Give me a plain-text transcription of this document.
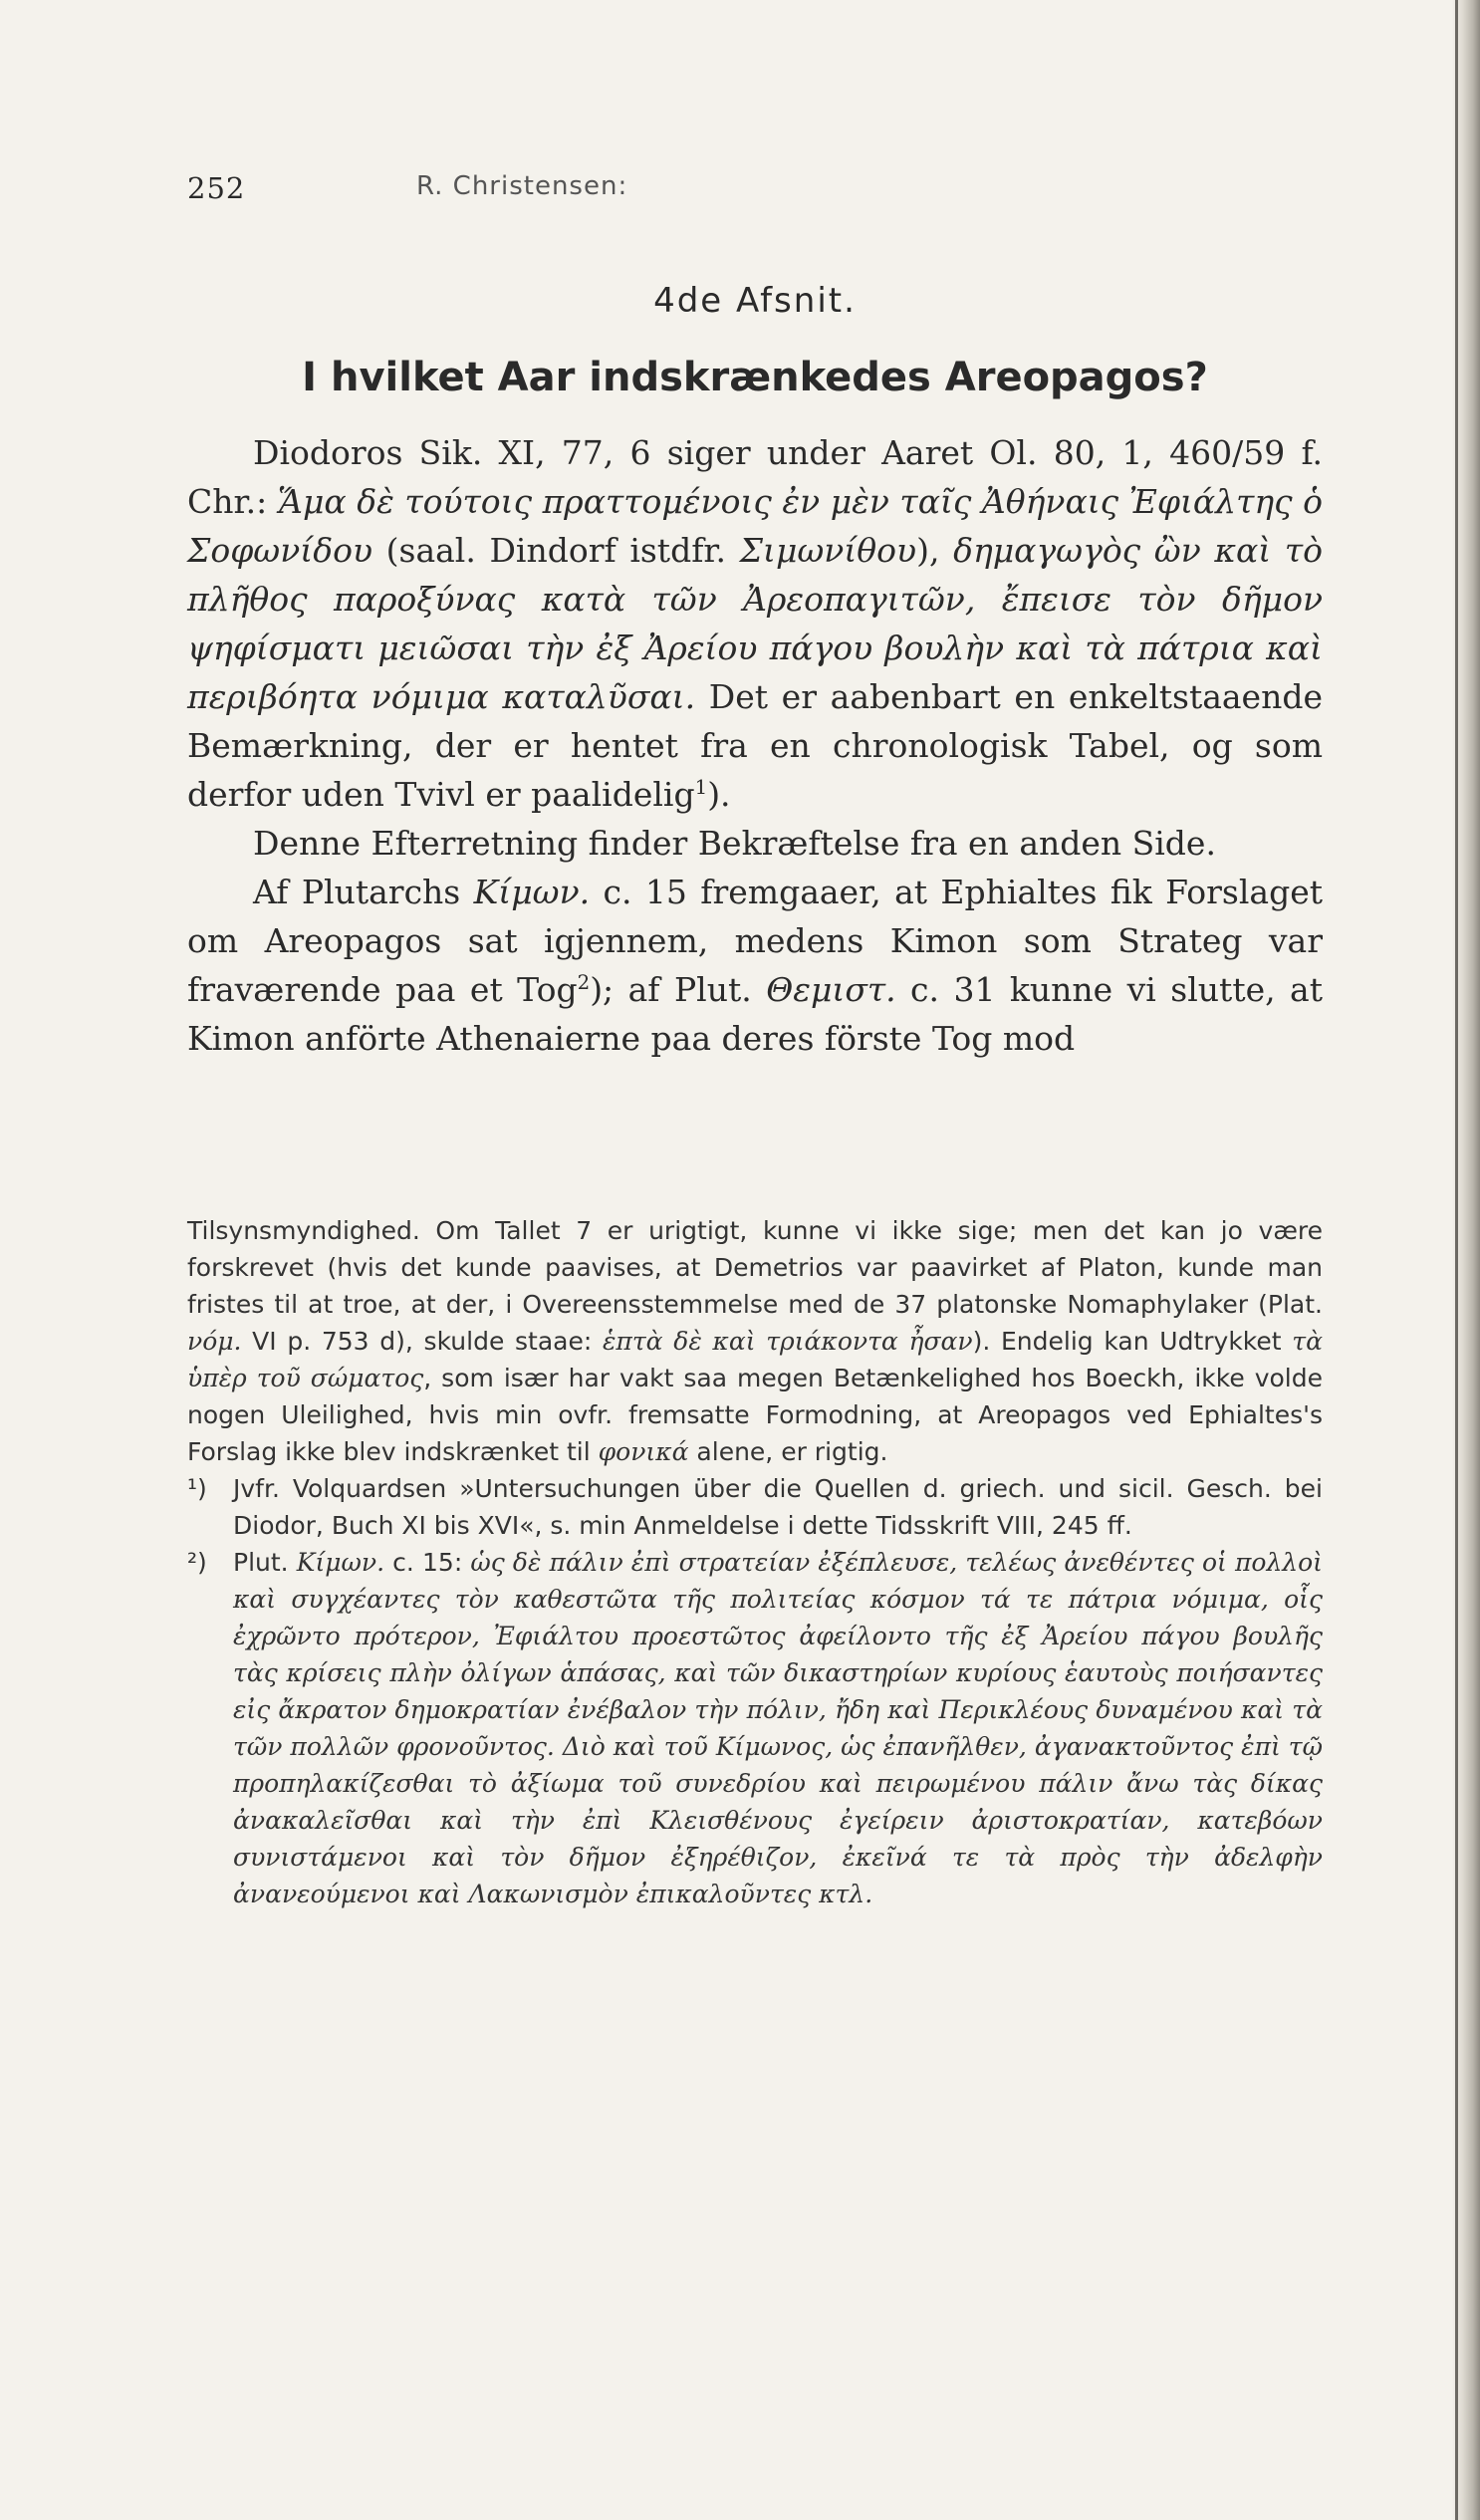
252	R. Christensen:
4de Afsnit.
I hvilket Aar indskrænkedes Areopagos?

Diodoros Sik. XI, 77, 6 siger under Aaret Ol. 80, 1, 460/59 f. Chr.: Ἅμα δὲ τούτοις πραττομένοις ἐν μὲν ταῖς Ἀθήναις Ἐφιάλτης ὁ Σοφωνίδου (saal. Dindorf istdfr. Σιμωνίθου), δημαγωγὸς ὢν καὶ τὸ πλῆθος παροξύνας κατὰ τῶν Ἀρεοπαγιτῶν, ἔπεισε τὸν δῆμον ψηφίσματι μειῶσαι τὴν ἐξ Ἀρείου πάγου βουλὴν καὶ τὰ πάτρια καὶ περιβόητα νόμιμα καταλῦσαι. Det er aabenbart en enkeltstaaende Bemærkning, der er hentet fra en chronologisk Tabel, og som derfor uden Tvivl er paalidelig$^1$).

Denne Efterretning finder Bekræftelse fra en anden Side.

Af Plutarchs Κίμων. c. 15 fremgaaer, at Ephialtes fik Forslaget om Areopagos sat igjennem, medens Kimon som Strateg var fraværende paa et Tog$^2$); af Plut. Θεμιστ. c. 31 kunne vi slutte, at Kimon anförte Athenaierne paa deres förste Tog mod

Tilsynsmyndighed. Om Tallet 7 er urigtigt, kunne vi ikke sige; men det kan jo være forskrevet (hvis det kunde paavises, at Demetrios var paavirket af Platon, kunde man fristes til at troe, at der, i Overeensstemmelse med de 37 platonske Nomaphylaker (Plat. νόμ. VI p. 753 d), skulde staae: ἑπτὰ δὲ καὶ τριάκοντα ἦσαν). Endelig kan Udtrykket τὰ ὑπὲρ τοῦ σώματος, som især har vakt saa megen Betænkelighed hos Boeckh, ikke volde nogen Uleilighed, hvis min ovfr. fremsatte Formodning, at Areopagos ved Ephialtes's Forslag ikke blev indskrænket til φονικά alene, er rigtig.

¹) Jvfr. Volquardsen »Untersuchungen über die Quellen d. griech. und sicil. Gesch. bei Diodor, Buch XI bis XVI«, s. min Anmeldelse i dette Tidsskrift VIII, 245 ff.

²) Plut. Κίμων. c. 15: ὡς δὲ πάλιν ἐπὶ στρατείαν ἐξέπλευσε, τελέως ἀνεθέντες οἱ πολλοὶ καὶ συγχέαντες τὸν καθεστῶτα τῆς πολιτείας κόσμον τά τε πάτρια νόμιμα, οἷς ἐχρῶντο πρότερον, Ἐφιάλτου προεστῶτος ἀφείλοντο τῆς ἐξ Ἀρείου πάγου βουλῆς τὰς κρίσεις πλὴν ὀλίγων ἁπάσας, καὶ τῶν δικαστηρίων κυρίους ἑαυτοὺς ποιήσαντες εἰς ἄκρατον δημοκρατίαν ἐνέβαλον τὴν πόλιν, ἤδη καὶ Περικλέους δυναμένου καὶ τὰ τῶν πολλῶν φρονοῦντος. Διὸ καὶ τοῦ Κίμωνος, ὡς ἐπανῆλθεν, ἀγανακτοῦντος ἐπὶ τῷ προπηλακίζεσθαι τὸ ἀξίωμα τοῦ συνεδρίου καὶ πειρωμένου πάλιν ἄνω τὰς δίκας ἀνακαλεῖσθαι καὶ τὴν ἐπὶ Κλεισθένους ἐγείρειν ἀριστοκρατίαν, κατεβόων συνιστάμενοι καὶ τὸν δῆμον ἐξηρέθιζον, ἐκεῖνά τε τὰ πρὸς τὴν ἀδελφὴν ἀνανεούμενοι καὶ Λακωνισμὸν ἐπικαλοῦντες κτλ.
